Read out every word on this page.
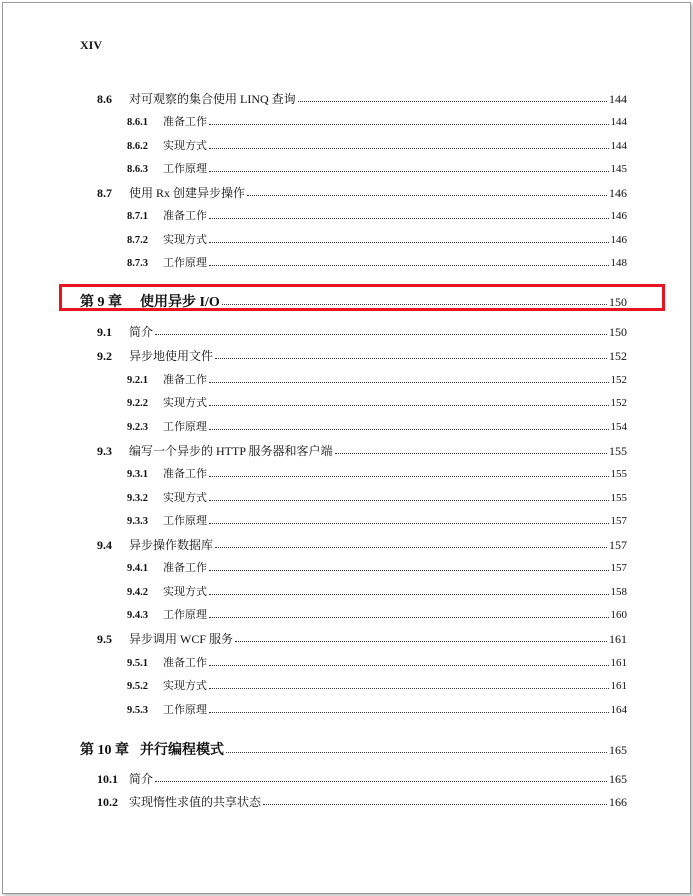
XIV
8.6	对可观察的集合使用 LINQ 查询	144
8.6.1	准备工作	144
8.6.2	实现方式	144
8.6.3	工作原理	145
8.7	使用 Rx 创建异步操作	146
8.7.1	准备工作	146
8.7.2	实现方式	146
8.7.3	工作原理	148
第 9 章	使用异步 I/O	150
9.1	简介	150
9.2	异步地使用文件	152
9.2.1	准备工作	152
9.2.2	实现方式	152
9.2.3	工作原理	154
9.3	编写一个异步的 HTTP 服务器和客户端	155
9.3.1	准备工作	155
9.3.2	实现方式	155
9.3.3	工作原理	157
9.4	异步操作数据库	157
9.4.1	准备工作	157
9.4.2	实现方式	158
9.4.3	工作原理	160
9.5	异步调用 WCF 服务	161
9.5.1	准备工作	161
9.5.2	实现方式	161
9.5.3	工作原理	164
第 10 章 并行编程模式	165
10.1 简介	165
10.2 实现惰性求值的共享状态	166
